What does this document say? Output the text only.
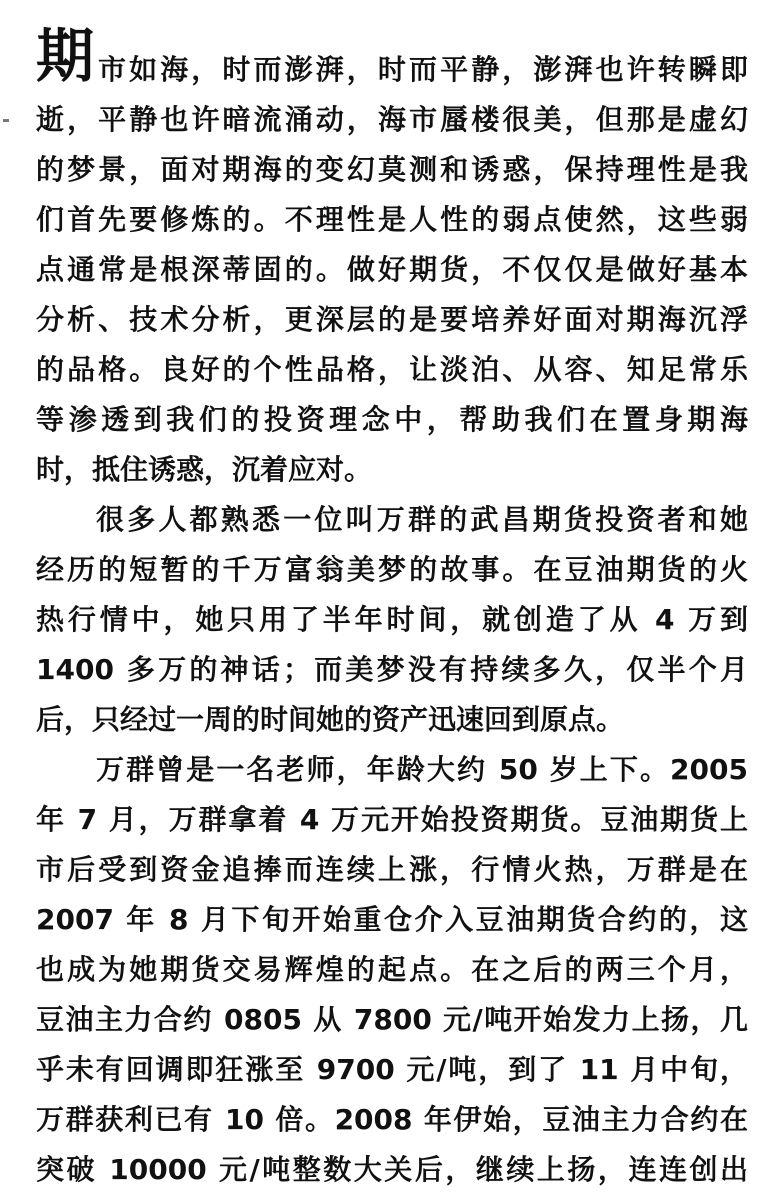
期 市如海，时而澎湃，时而平静，澎湃也许转瞬即
逝，平静也许暗流涌动，海市蜃楼很美，但那是虚幻
的梦景，面对期海的变幻莫测和诱惑，保持理性是我
们首先要修炼的。不理性是人性的弱点使然，这些弱
点通常是根深蒂固的。做好期货，不仅仅是做好基本
分析、技术分析，更深层的是要培养好面对期海沉浮
的品格。良好的个性品格，让淡泊、从容、知足常乐
等渗透到我们的投资理念中，帮助我们在置身期海
时，抵住诱惑，沉着应对。
很多人都熟悉一位叫万群的武昌期货投资者和她
经历的短暂的千万富翁美梦的故事。在豆油期货的火
热行情中，她只用了半年时间，就创造了从 4 万到
1400 多万的神话；而美梦没有持续多久，仅半个月
后，只经过一周的时间她的资产迅速回到原点。
万群曾是一名老师，年龄大约 50 岁上下。2005
年 7 月，万群拿着 4 万元开始投资期货。豆油期货上
市后受到资金追捧而连续上涨，行情火热，万群是在
2007 年 8 月下旬开始重仓介入豆油期货合约的，这
也成为她期货交易辉煌的起点。在之后的两三个月，
豆油主力合约 0805 从 7800 元/吨开始发力上扬，几
乎未有回调即狂涨至 9700 元/吨，到了 11 月中旬，
万群获利已有 10 倍。2008 年伊始，豆油主力合约在
突破 10000 元/吨整数大关后，继续上扬，连连创出
